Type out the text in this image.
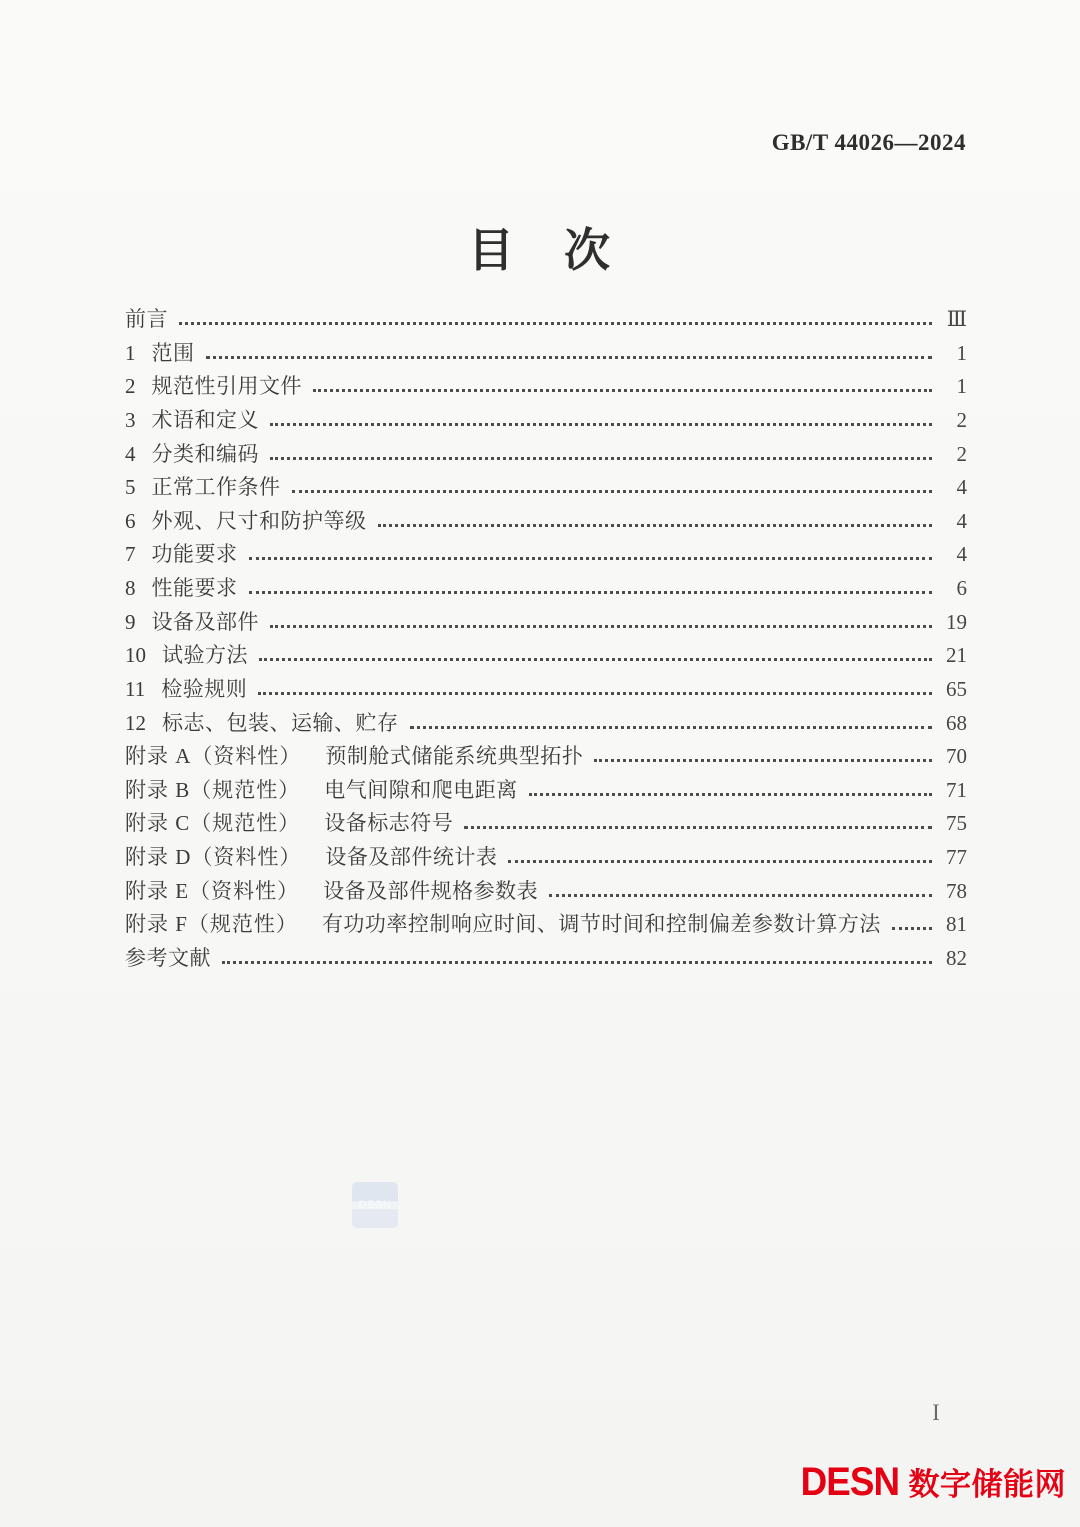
GB/T 44026—2024
目　次
前言	Ⅲ
1 范围	1
2 规范性引用文件	1
3 术语和定义	2
4 分类和编码	2
5 正常工作条件	4
6 外观、尺寸和防护等级	4
7 功能要求	4
8 性能要求	6
9 设备及部件	19
10 试验方法	21
11 检验规则	65
12 标志、包装、运输、贮存	68
附录 A（资料性） 预制舱式储能系统典型拓扑	70
附录 B（规范性） 电气间隙和爬电距离	71
附录 C（规范性） 设备标志符号	75
附录 D（资料性） 设备及部件统计表	77
附录 E（资料性） 设备及部件规格参数表	78
附录 F（规范性） 有功功率控制响应时间、调节时间和控制偏差参数计算方法	81
参考文献	82
DESN
I
DESN 数字储能网
